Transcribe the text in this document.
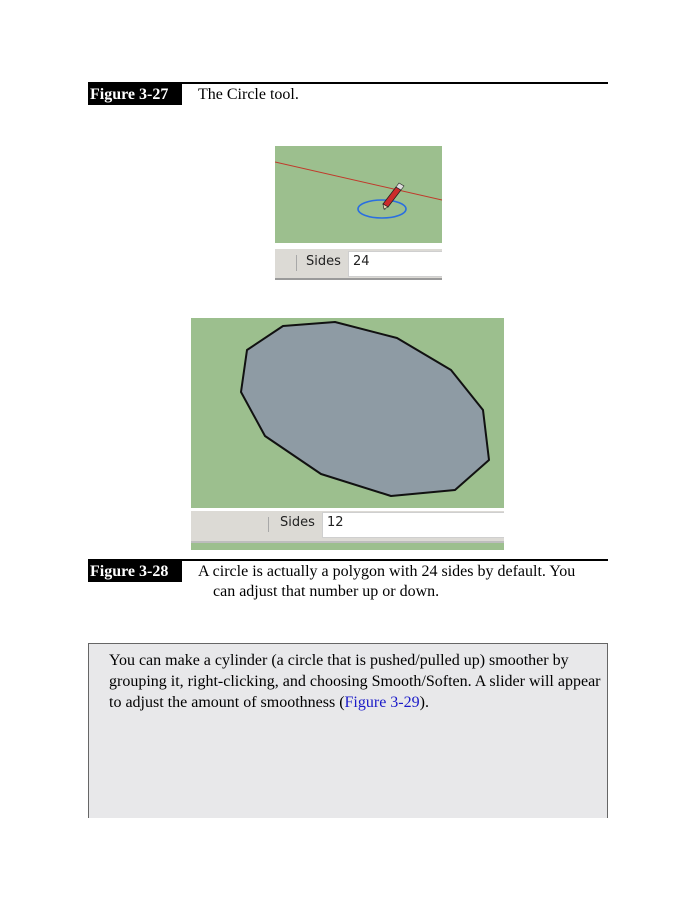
Figure 3-27	The Circle tool.
Sides 24
Sides 12
Figure 3-28	A circle is actually a polygon with 24 sides by default. You
can adjust that number up or down.
You can make a cylinder (a circle that is pushed/pulled up) smoother by grouping it, right-clicking, and choosing Smooth/Soften. A slider will appear to adjust the amount of smoothness (Figure 3-29).
